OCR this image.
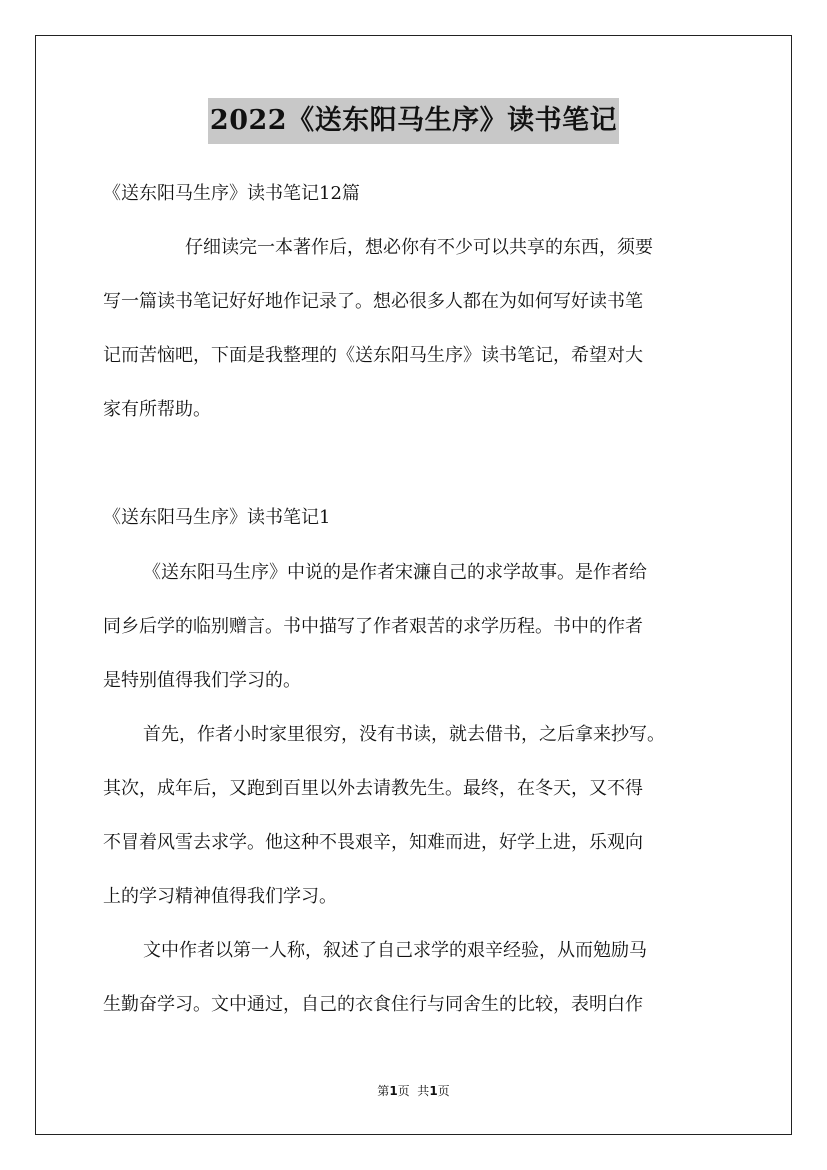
2022《送东阳马生序》读书笔记
《送东阳马生序》读书笔记12篇
仔细读完一本著作后，想必你有不少可以共享的东西，须要
写一篇读书笔记好好地作记录了。想必很多人都在为如何写好读书笔
记而苦恼吧，下面是我整理的《送东阳马生序》读书笔记，希望对大
家有所帮助。
《送东阳马生序》读书笔记1
《送东阳马生序》中说的是作者宋濂自己的求学故事。是作者给
同乡后学的临别赠言。书中描写了作者艰苦的求学历程。书中的作者
是特别值得我们学习的。
首先，作者小时家里很穷，没有书读，就去借书，之后拿来抄写。
其次，成年后，又跑到百里以外去请教先生。最终，在冬天，又不得
不冒着风雪去求学。他这种不畏艰辛，知难而进，好学上进，乐观向
上的学习精神值得我们学习。
文中作者以第一人称，叙述了自己求学的艰辛经验，从而勉励马
生勤奋学习。文中通过，自己的衣食住行与同舍生的比较，表明白作
第1页  共1页
